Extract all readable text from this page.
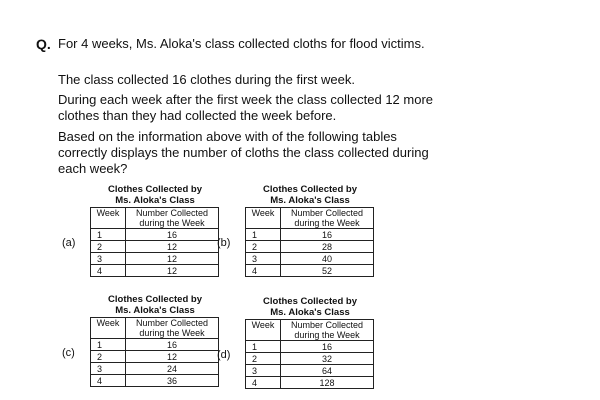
Q. For 4 weeks, Ms. Aloka's class collected cloths for flood victims.

The class collected 16 clothes during the first week.

During each week after the first week the class collected 12 more clothes than they had collected the week before.

Based on the information above with of the following tables correctly displays the number of cloths the class collected during each week?

Clothes Collected by
Ms. Aloka's Class
(a)
Week	Number Collected during the Week
1	16
2	12
3	12
4	12
Clothes Collected by
Ms. Aloka's Class
(b)
Week	Number Collected during the Week
1	16
2	28
3	40
4	52
Clothes Collected by
Ms. Aloka's Class
(c)
Week	Number Collected during the Week
1	16
2	12
3	24
4	36
Clothes Collected by
Ms. Aloka's Class
(d)
Week	Number Collected during the Week
1	16
2	32
3	64
4	128
